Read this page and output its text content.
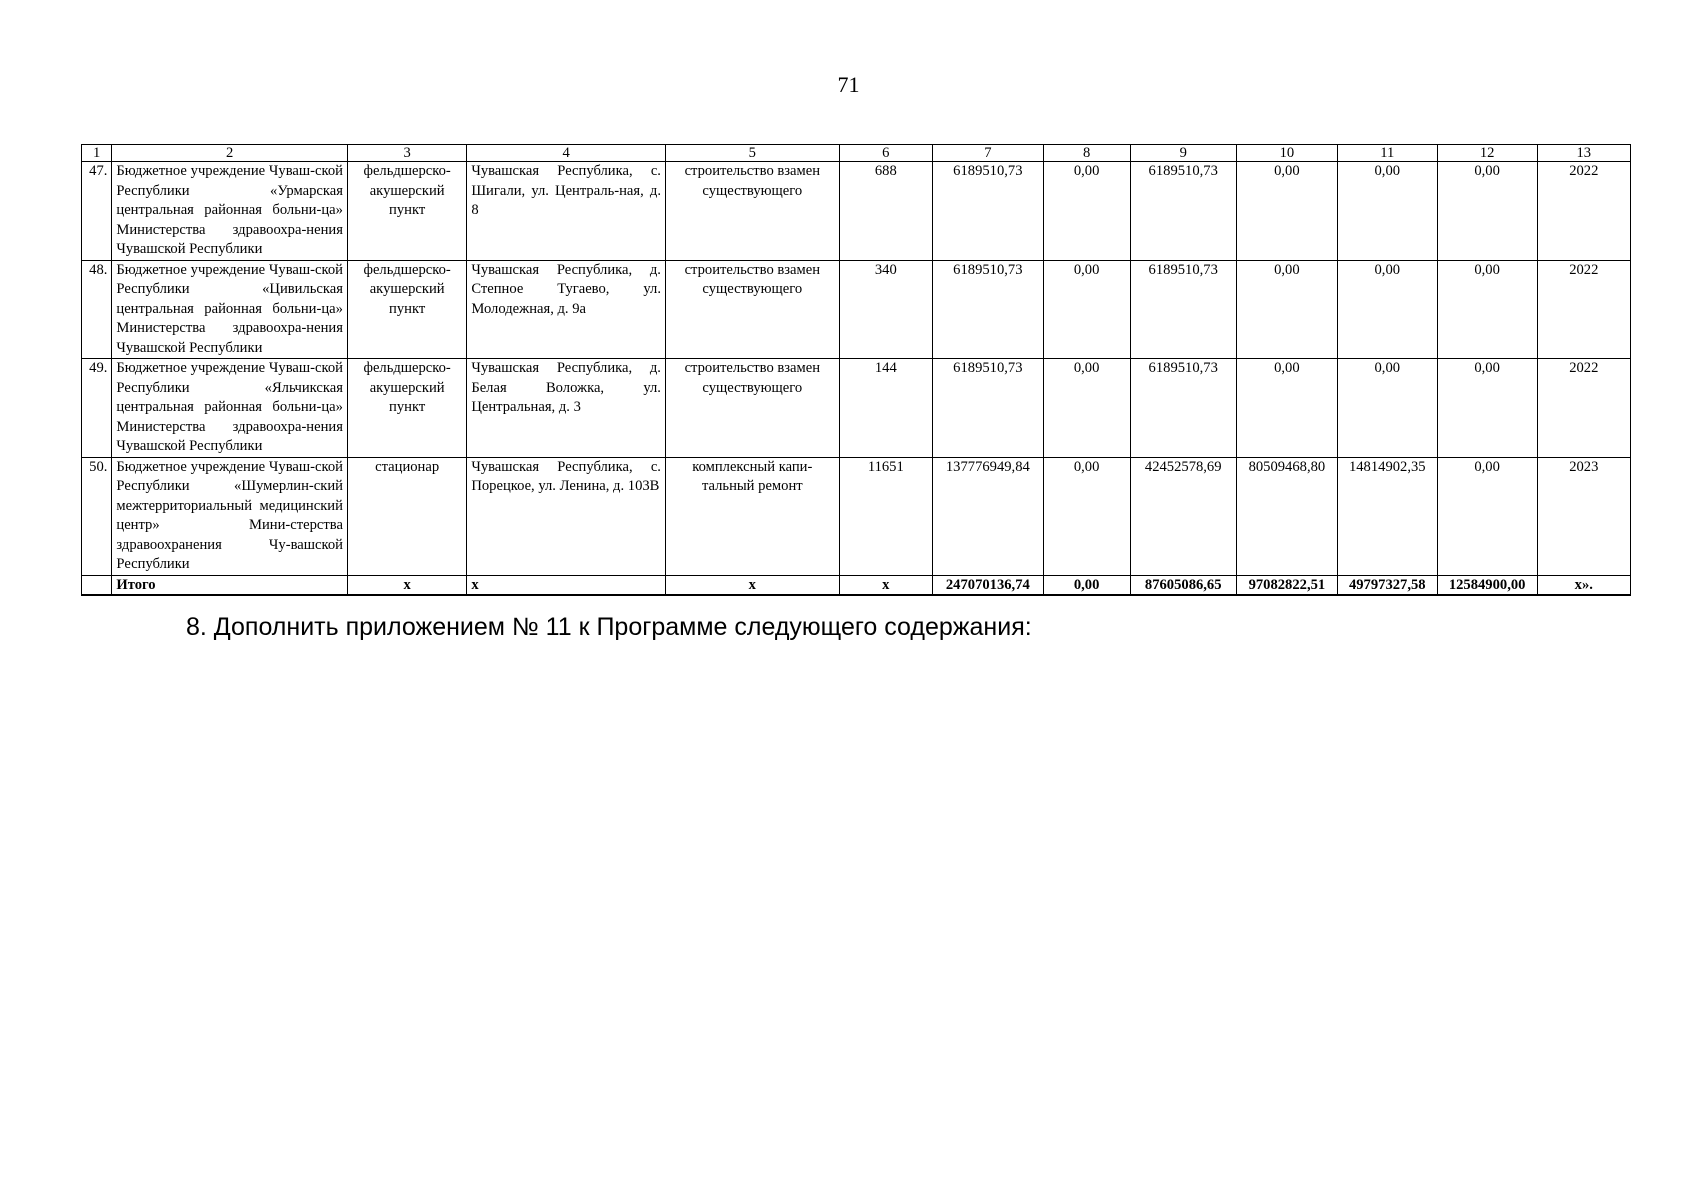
71
1	2	3	4	5	6	7	8	9	10	11	12	13
47.	Бюджетное учреждение Чуваш-ской Республики «Урмарская центральная районная больни-ца» Министерства здравоохра-нения Чувашской Республики	фельдшерско-акушерский пункт	Чувашская Республика, с. Шигали, ул. Централь-ная, д. 8	строительство взамен существующего	688	6189510,73	0,00	6189510,73	0,00	0,00	0,00	2022
48.	Бюджетное учреждение Чуваш-ской Республики «Цивильская центральная районная больни-ца» Министерства здравоохра-нения Чувашской Республики	фельдшерско-акушерский пункт	Чувашская Республика, д. Степное Тугаево, ул. Молодежная, д. 9а	строительство взамен существующего	340	6189510,73	0,00	6189510,73	0,00	0,00	0,00	2022
49.	Бюджетное учреждение Чуваш-ской Республики «Яльчикская центральная районная больни-ца» Министерства здравоохра-нения Чувашской Республики	фельдшерско-акушерский пункт	Чувашская Республика, д. Белая Воложка, ул. Центральная, д. 3	строительство взамен существующего	144	6189510,73	0,00	6189510,73	0,00	0,00	0,00	2022
50.	Бюджетное учреждение Чуваш-ской Республики «Шумерлин-ский межтерриториальный медицинский центр» Мини-стерства здравоохранения Чу-вашской Республики	стационар	Чувашская Республика, с. Порецкое, ул. Ленина, д. 103В	комплексный капи-тальный ремонт	11651	137776949,84	0,00	42452578,69	80509468,80	14814902,35	0,00	2023
	Итого	х	х	х	х	247070136,74	0,00	87605086,65	97082822,51	49797327,58	12584900,00	х».
8. Дополнить приложением № 11 к Программе следующего содержания:
